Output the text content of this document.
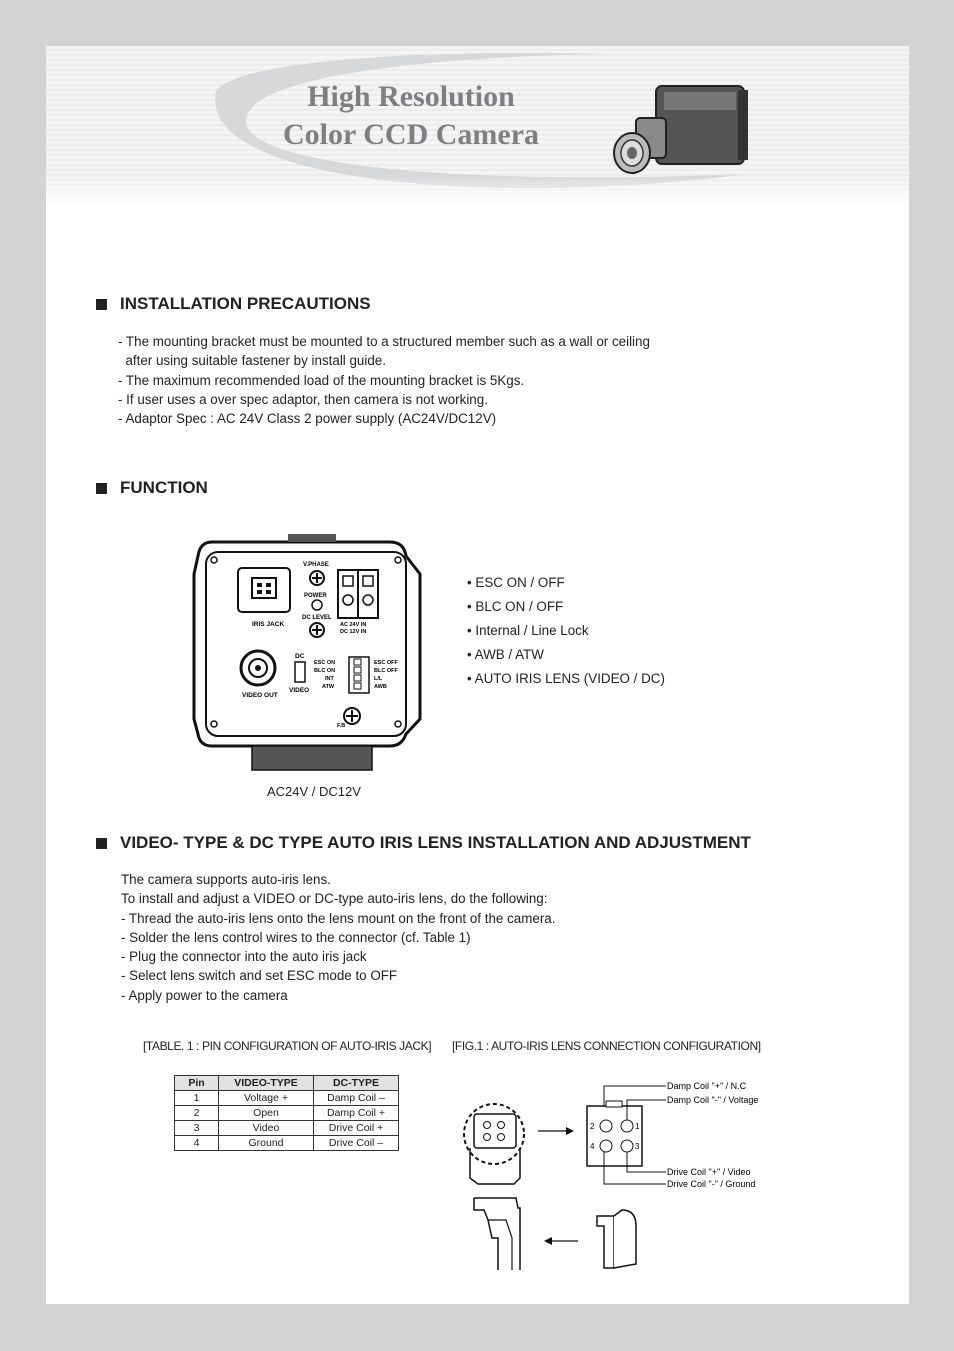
High Resolution
Color CCD Camera
INSTALLATION PRECAUTIONS
- The mounting bracket must be mounted to a structured member such as a wall or ceiling
after using suitable fastener by install guide.
- The maximum recommended load of the mounting bracket is 5Kgs.
- If user uses a over spec adaptor, then camera is not working.
- Adaptor Spec : AC 24V Class 2 power supply (AC24V/DC12V)
FUNCTION
IRIS JACK
V.PHASE
POWER
DC LEVEL
AC 24V IN
DC 12V IN
VIDEO OUT
DC
VIDEO
ESC ON
BLC ON
INT
ATW
ESC OFF
BLC OFF
L/L
AWB
F.B
• ESC ON / OFF
• BLC ON / OFF
• Internal / Line Lock
• AWB / ATW
• AUTO IRIS LENS (VIDEO / DC)
AC24V / DC12V
VIDEO- TYPE & DC TYPE AUTO IRIS LENS INSTALLATION AND ADJUSTMENT
The camera supports auto-iris lens.
To install and adjust a VIDEO or DC-type auto-iris lens, do the following:
- Thread the auto-iris lens onto the lens mount on the front of the camera.
- Solder the lens control wires to the connector (cf. Table 1)
- Plug the connector into the auto iris jack
- Select lens switch and set ESC mode to OFF
- Apply power to the camera
[TABLE. 1 : PIN CONFIGURATION OF AUTO-IRIS JACK] [FIG.1 : AUTO-IRIS LENS CONNECTION CONFIGURATION]
Pin	VIDEO-TYPE	DC-TYPE
1	Voltage +	Damp Coil –
2	Open	Damp Coil +
3	Video	Drive Coil +
4	Ground	Drive Coil –
2	1
4	3
Damp Coil "+" / N.C
Damp Coil "-" / Voltage
Drive Coil "+" / Video
Drive Coil "-" / Ground
